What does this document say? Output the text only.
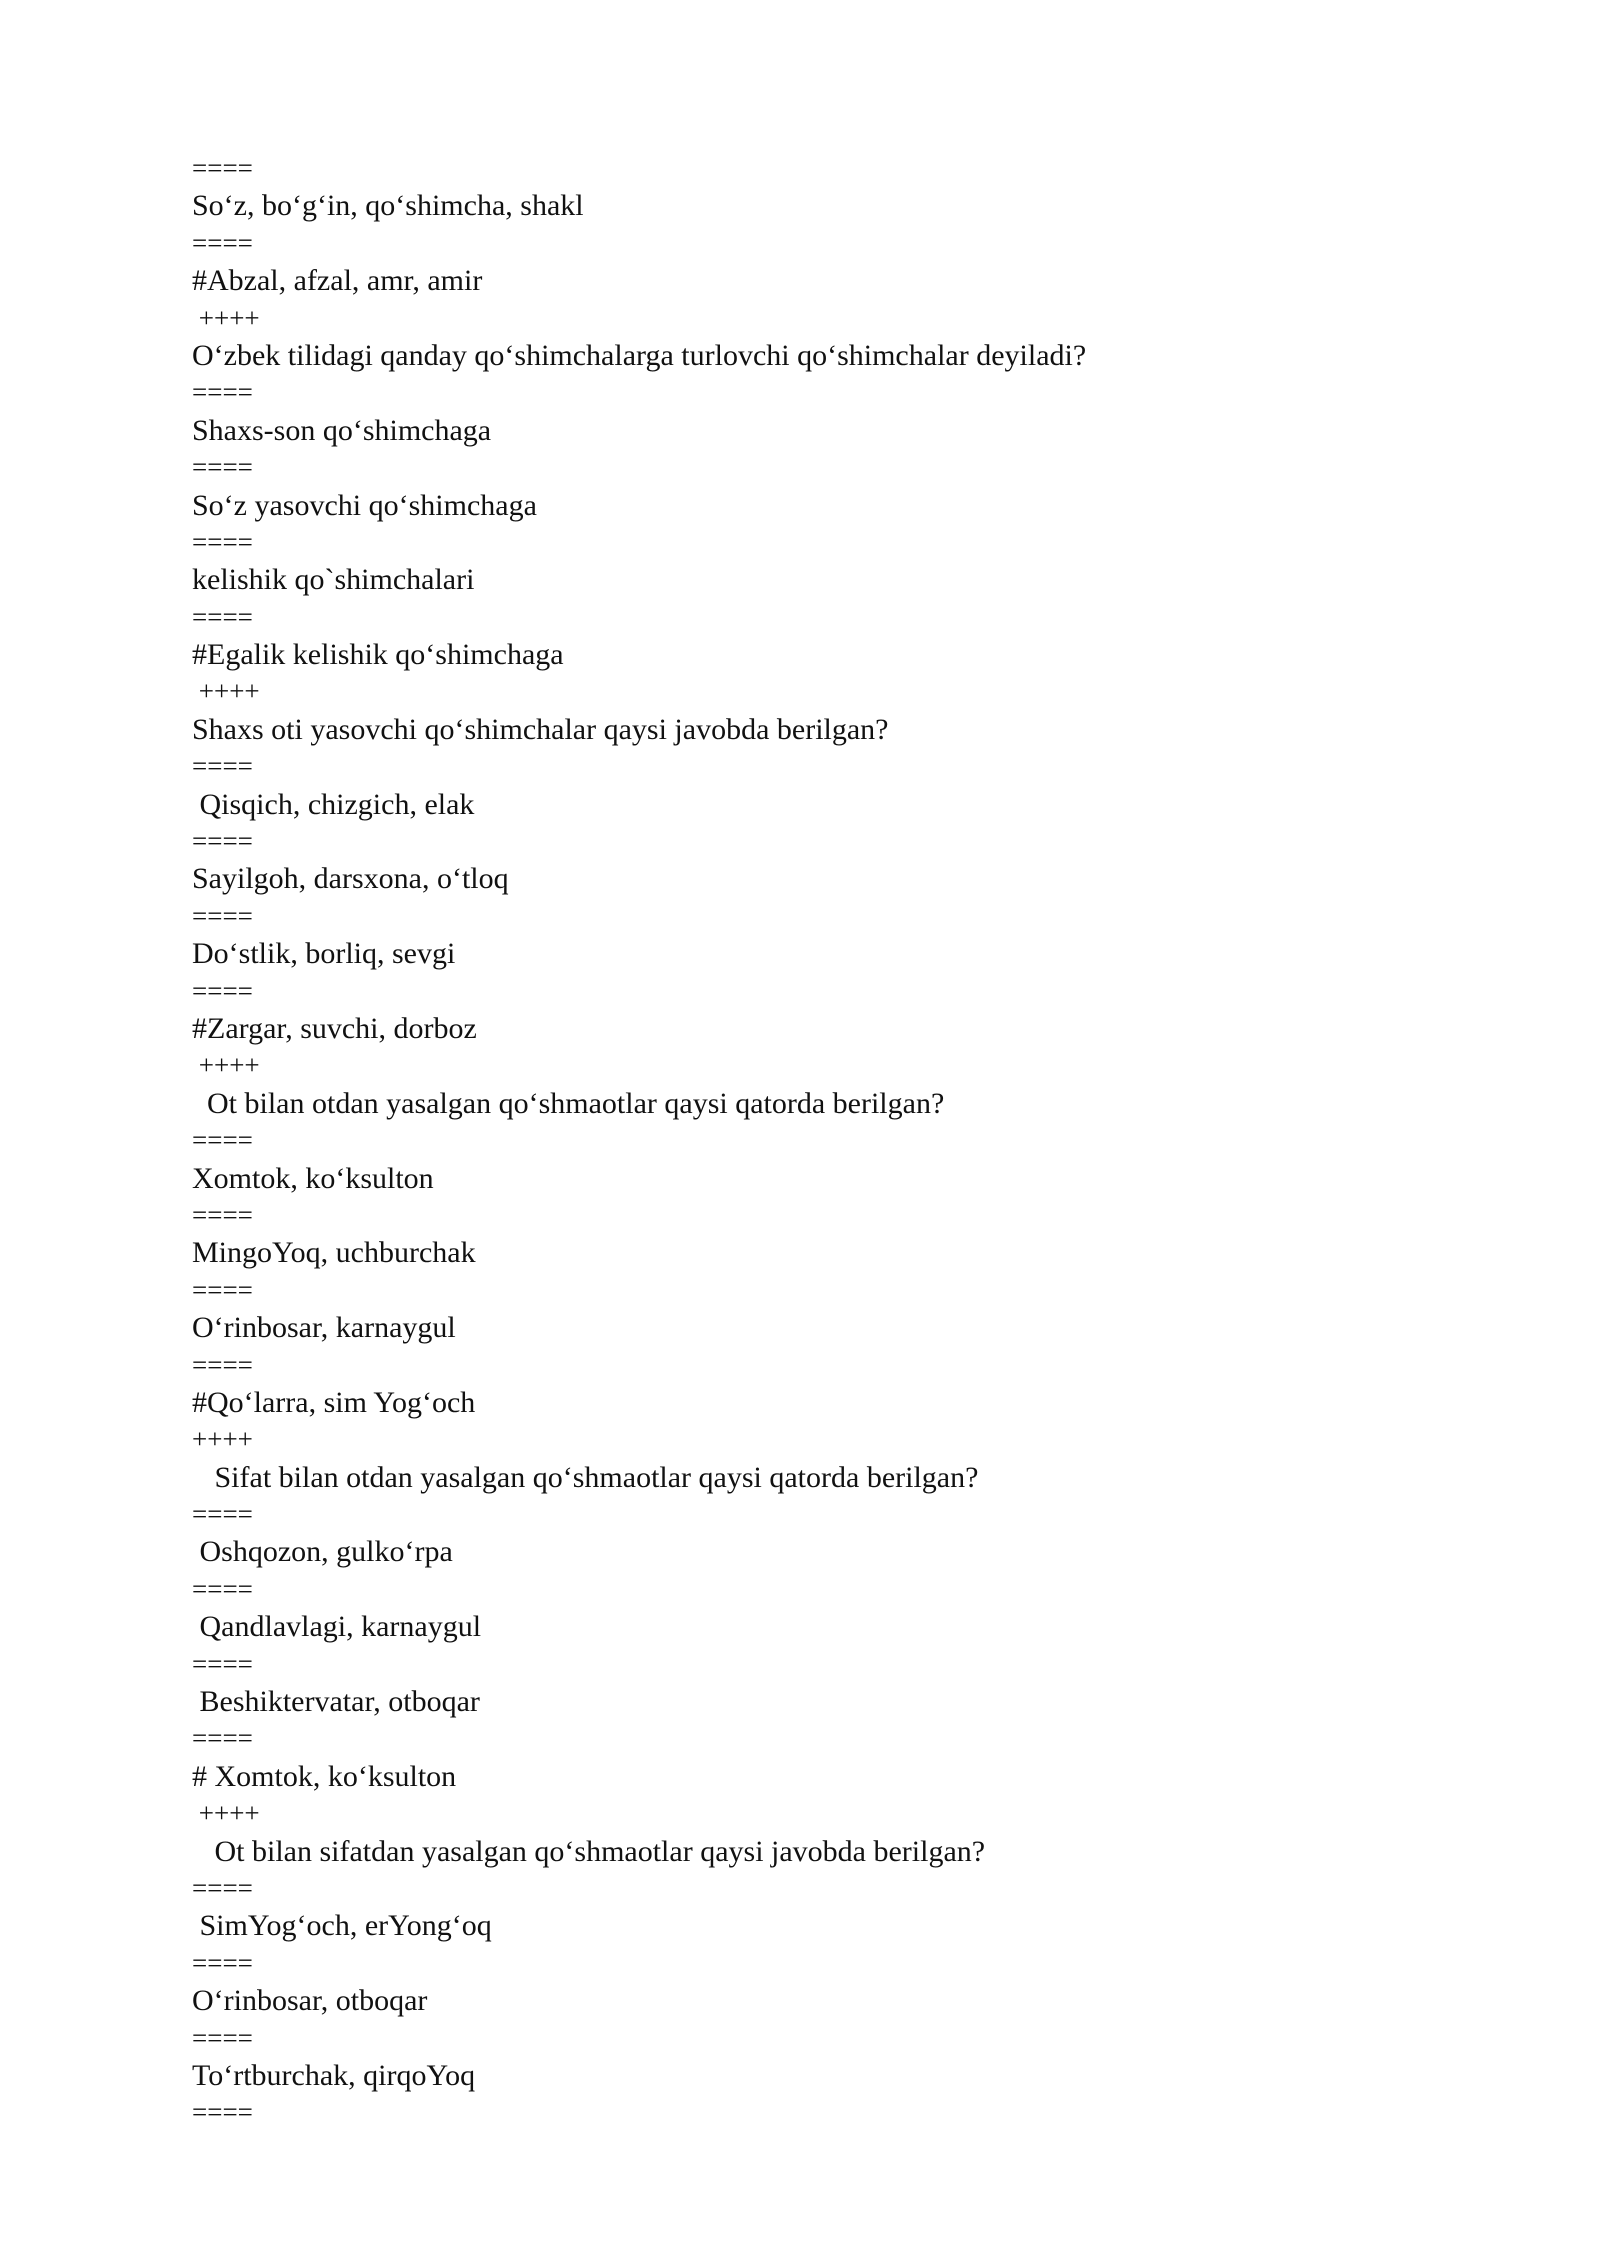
====
So‘z, bo‘g‘in, qo‘shimcha, shakl
====
#Abzal, afzal, amr, amir
++++
O‘zbek tilidagi qanday qo‘shimchalarga turlovchi qo‘shimchalar deyiladi?
====
Shaxs-son qo‘shimchaga
====
So‘z yasovchi qo‘shimchaga
====
kelishik qo`shimchalari
====
#Egalik kelishik qo‘shimchaga
++++
Shaxs oti yasovchi qo‘shimchalar qaysi javobda berilgan?
====
Qisqich, chizgich, elak
====
Sayilgoh, darsxona, o‘tloq
====
Do‘stlik, borliq, sevgi
====
#Zargar, suvchi, dorboz
++++
Ot bilan otdan yasalgan qo‘shmaotlar qaysi qatorda berilgan?
====
Xomtok, ko‘ksulton
====
MingoYoq, uchburchak
====
O‘rinbosar, karnaygul
====
#Qo‘larra, sim Yog‘och
++++
Sifat bilan otdan yasalgan qo‘shmaotlar qaysi qatorda berilgan?
====
Oshqozon, gulko‘rpa
====
Qandlavlagi, karnaygul
====
Beshiktervatar, otboqar
====
# Xomtok, ko‘ksulton
++++
Ot bilan sifatdan yasalgan qo‘shmaotlar qaysi javobda berilgan?
====
SimYog‘och, erYong‘oq
====
O‘rinbosar, otboqar
====
To‘rtburchak, qirqoYoq
====
